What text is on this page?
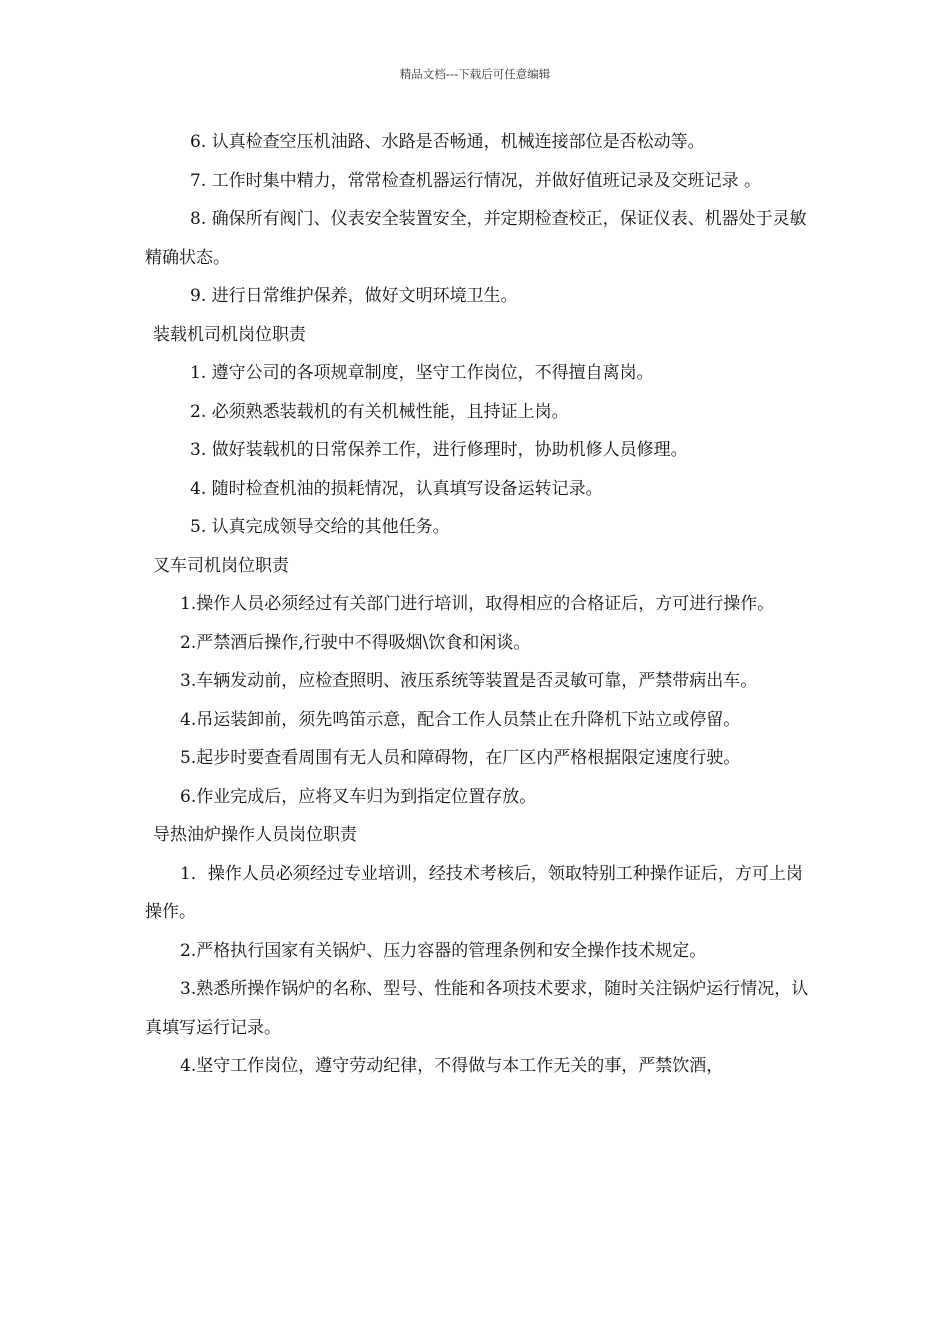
精品文档---下载后可任意编辑

6. 认真检查空压机油路、水路是否畅通，机械连接部位是否松动等。

7. 工作时集中精力，常常检查机器运行情况，并做好值班记录及交班记录 。

8. 确保所有阀门、仪表安全装置安全，并定期检查校正，保证仪表、机器处于灵敏精确状态。

9. 进行日常维护保养，做好文明环境卫生。

装载机司机岗位职责

1. 遵守公司的各项规章制度，坚守工作岗位，不得擅自离岗。

2. 必须熟悉装载机的有关机械性能，且持证上岗。

3. 做好装载机的日常保养工作，进行修理时，协助机修人员修理。

4. 随时检查机油的损耗情况，认真填写设备运转记录。

5. 认真完成领导交给的其他任务。

叉车司机岗位职责

1.操作人员必须经过有关部门进行培训，取得相应的合格证后，方可进行操作。

2.严禁酒后操作,行驶中不得吸烟\饮食和闲谈。

3.车辆发动前，应检查照明、液压系统等装置是否灵敏可靠，严禁带病出车。

4.吊运装卸前，须先鸣笛示意，配合工作人员禁止在升降机下站立或停留。

5.起步时要查看周围有无人员和障碍物，在厂区内严格根据限定速度行驶。

6.作业完成后，应将叉车归为到指定位置存放。

导热油炉操作人员岗位职责

1．操作人员必须经过专业培训，经技术考核后，领取特别工种操作证后，方可上岗操作。

2.严格执行国家有关锅炉、压力容器的管理条例和安全操作技术规定。

3.熟悉所操作锅炉的名称、型号、性能和各项技术要求，随时关注锅炉运行情况，认真填写运行记录。

4.坚守工作岗位，遵守劳动纪律，不得做与本工作无关的事，严禁饮酒，
